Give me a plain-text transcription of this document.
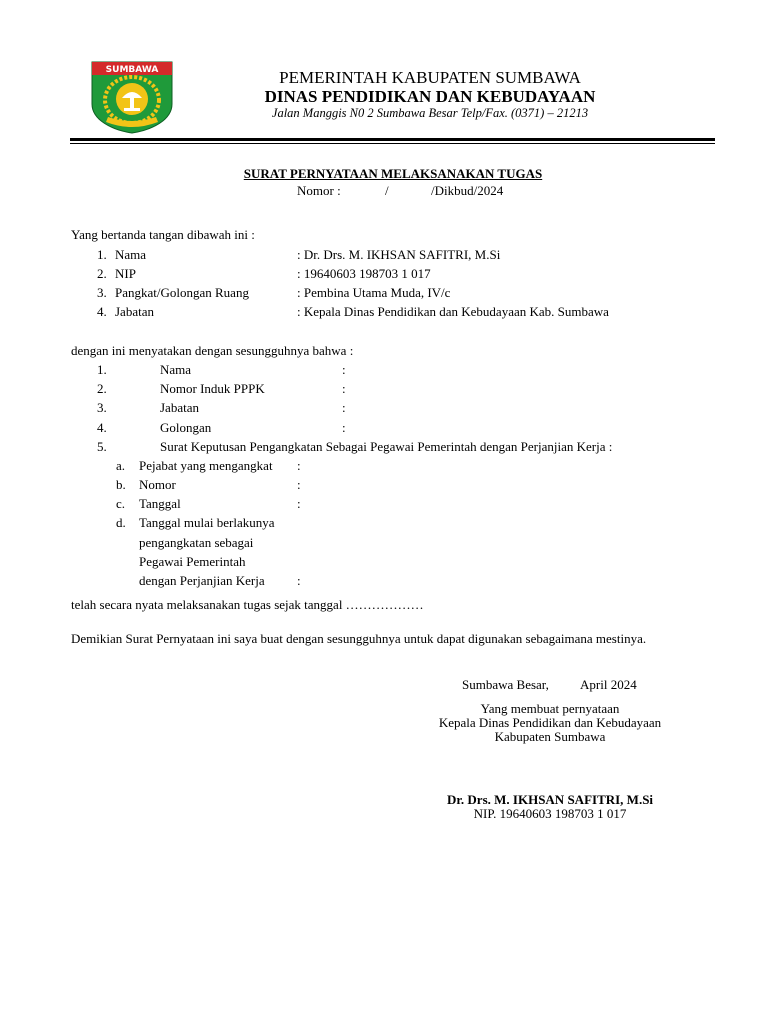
SUMBAWA	PEMERINTAH KABUPATEN SUMBAWA
DINAS PENDIDIKAN DAN KEBUDAYAAN
Jalan Manggis N0 2 Sumbawa Besar Telp/Fax. (0371) – 21213
SURAT PERNYATAAN MELAKSANAKAN TUGAS
Nomor :	/	/Dikbud/2024
Yang bertanda tangan dibawah ini :
1. Nama	: Dr. Drs. M. IKHSAN SAFITRI, M.Si
2. NIP	: 19640603 198703 1 017
3. Pangkat/Golongan Ruang	: Pembina Utama Muda, IV/c
4. Jabatan	: Kepala Dinas Pendidikan dan Kebudayaan Kab. Sumbawa
dengan ini menyatakan dengan sesungguhnya bahwa :
1.	Nama	:
2.	Nomor Induk PPPK	:
3.	Jabatan	:
4.	Golongan	:
5.	Surat Keputusan Pengangkatan Sebagai Pegawai Pemerintah dengan Perjanjian Kerja :
a. Pejabat yang mengangkat :
b. Nomor	:
c. Tanggal	:
d. Tanggal mulai berlakunya
pengangkatan sebagai
Pegawai Pemerintah
dengan Perjanjian Kerja :
telah secara nyata melaksanakan tugas sejak tanggal ………………
Demikian Surat Pernyataan ini saya buat dengan sesungguhnya untuk dapat digunakan sebagaimana mestinya.
Sumbawa Besar, April 2024
Yang membuat pernyataan
Kepala Dinas Pendidikan dan Kebudayaan
Kabupaten Sumbawa
Dr. Drs. M. IKHSAN SAFITRI, M.Si
NIP. 19640603 198703 1 017
